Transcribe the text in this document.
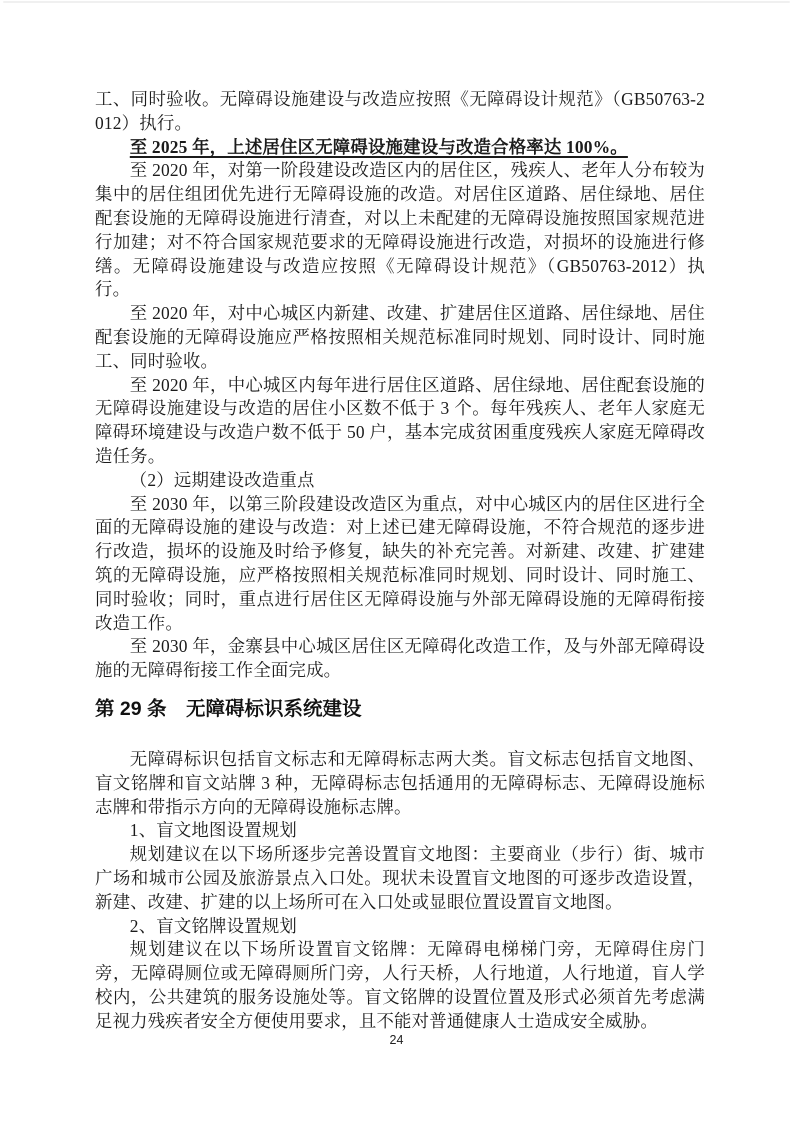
工、同时验收。无障碍设施建设与改造应按照《无障碍设计规范》（GB50763-2012）执行。

至 2025 年，上述居住区无障碍设施建设与改造合格率达 100%。

至 2020 年，对第一阶段建设改造区内的居住区，残疾人、老年人分布较为集中的居住组团优先进行无障碍设施的改造。对居住区道路、居住绿地、居住配套设施的无障碍设施进行清查，对以上未配建的无障碍设施按照国家规范进行加建；对不符合国家规范要求的无障碍设施进行改造，对损坏的设施进行修缮。无障碍设施建设与改造应按照《无障碍设计规范》（GB50763-2012）执行。

至 2020 年，对中心城区内新建、改建、扩建居住区道路、居住绿地、居住配套设施的无障碍设施应严格按照相关规范标准同时规划、同时设计、同时施工、同时验收。

至 2020 年，中心城区内每年进行居住区道路、居住绿地、居住配套设施的无障碍设施建设与改造的居住小区数不低于 3 个。每年残疾人、老年人家庭无障碍环境建设与改造户数不低于 50 户，基本完成贫困重度残疾人家庭无障碍改造任务。

（2）远期建设改造重点

至 2030 年，以第三阶段建设改造区为重点，对中心城区内的居住区进行全面的无障碍设施的建设与改造：对上述已建无障碍设施，不符合规范的逐步进行改造，损坏的设施及时给予修复，缺失的补充完善。对新建、改建、扩建建筑的无障碍设施，应严格按照相关规范标准同时规划、同时设计、同时施工、同时验收；同时，重点进行居住区无障碍设施与外部无障碍设施的无障碍衔接改造工作。

至 2030 年，金寨县中心城区居住区无障碍化改造工作，及与外部无障碍设施的无障碍衔接工作全面完成。

第 29 条　无障碍标识系统建设

无障碍标识包括盲文标志和无障碍标志两大类。盲文标志包括盲文地图、盲文铭牌和盲文站牌 3 种，无障碍标志包括通用的无障碍标志、无障碍设施标志牌和带指示方向的无障碍设施标志牌。

1、盲文地图设置规划

规划建议在以下场所逐步完善设置盲文地图：主要商业（步行）街、城市广场和城市公园及旅游景点入口处。现状未设置盲文地图的可逐步改造设置，新建、改建、扩建的以上场所可在入口处或显眼位置设置盲文地图。

2、盲文铭牌设置规划

规划建议在以下场所设置盲文铭牌：无障碍电梯梯门旁，无障碍住房门旁，无障碍厕位或无障碍厕所门旁，人行天桥，人行地道，人行地道，盲人学校内，公共建筑的服务设施处等。盲文铭牌的设置位置及形式必须首先考虑满足视力残疾者安全方便使用要求，且不能对普通健康人士造成安全威胁。

24
